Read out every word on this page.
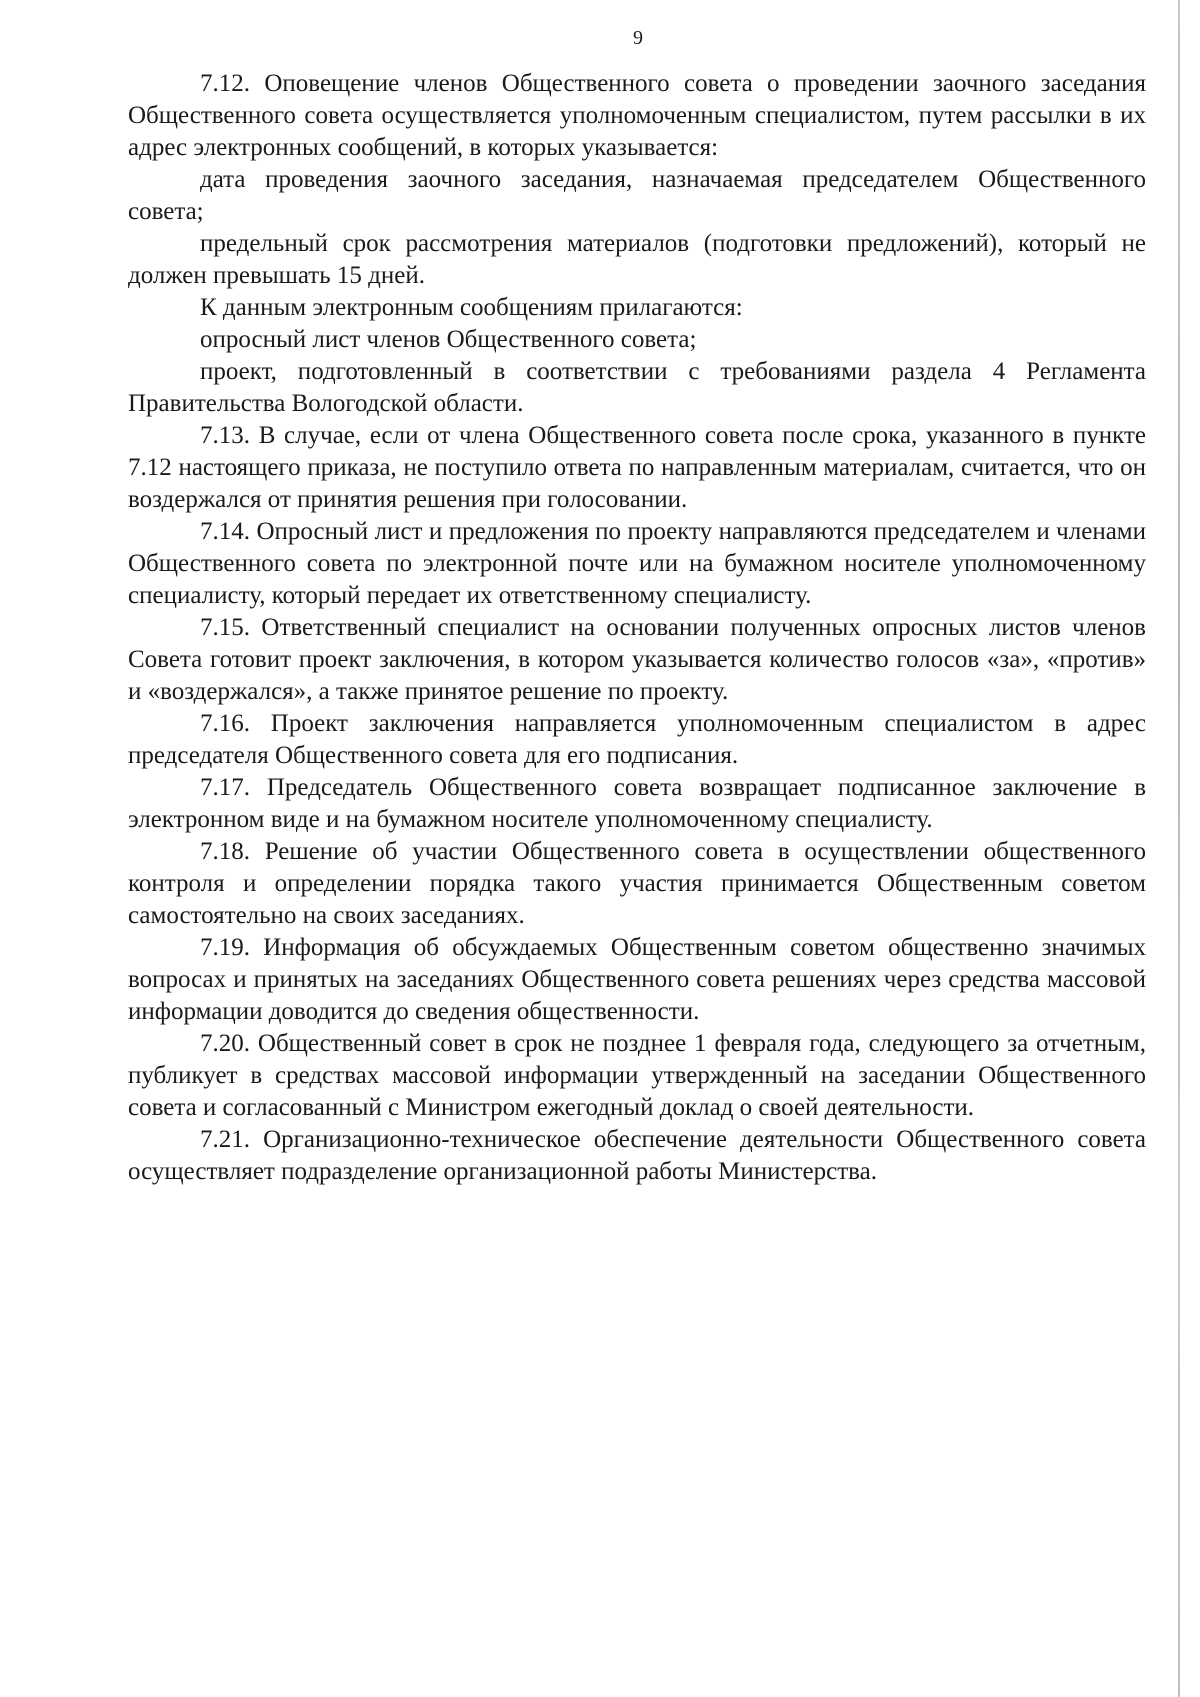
9

7.12. Оповещение членов Общественного совета о проведении заочного заседания Общественного совета осуществляется уполномоченным специалистом, путем рассылки в их адрес электронных сообщений, в которых указывается:

дата проведения заочного заседания, назначаемая председателем Общественного совета;

предельный срок рассмотрения материалов (подготовки предложений), который не должен превышать 15 дней.

К данным электронным сообщениям прилагаются:

опросный лист членов Общественного совета;

проект, подготовленный в соответствии с требованиями раздела 4 Регламента Правительства Вологодской области.

7.13. В случае, если от члена Общественного совета после срока, указанного в пункте 7.12 настоящего приказа, не поступило ответа по направленным материалам, считается, что он воздержался от принятия решения при голосовании.

7.14. Опросный лист и предложения по проекту направляются председателем и членами Общественного совета по электронной почте или на бумажном носителе уполномоченному специалисту, который передает их ответственному специалисту.

7.15. Ответственный специалист на основании полученных опросных листов членов Совета готовит проект заключения, в котором указывается количество голосов «за», «против» и «воздержался», а также принятое решение по проекту.

7.16. Проект заключения направляется уполномоченным специалистом в адрес председателя Общественного совета для его подписания.

7.17. Председатель Общественного совета возвращает подписанное заключение в электронном виде и на бумажном носителе уполномоченному специалисту.

7.18. Решение об участии Общественного совета в осуществлении общественного контроля и определении порядка такого участия принимается Общественным советом самостоятельно на своих заседаниях.

7.19. Информация об обсуждаемых Общественным советом общественно значимых вопросах и принятых на заседаниях Общественного совета решениях через средства массовой информации доводится до сведения общественности.

7.20. Общественный совет в срок не позднее 1 февраля года, следующего за отчетным, публикует в средствах массовой информации утвержденный на заседании Общественного совета и согласованный с Министром ежегодный доклад о своей деятельности.

7.21. Организационно-техническое обеспечение деятельности Общественного совета осуществляет подразделение организационной работы Министерства.
